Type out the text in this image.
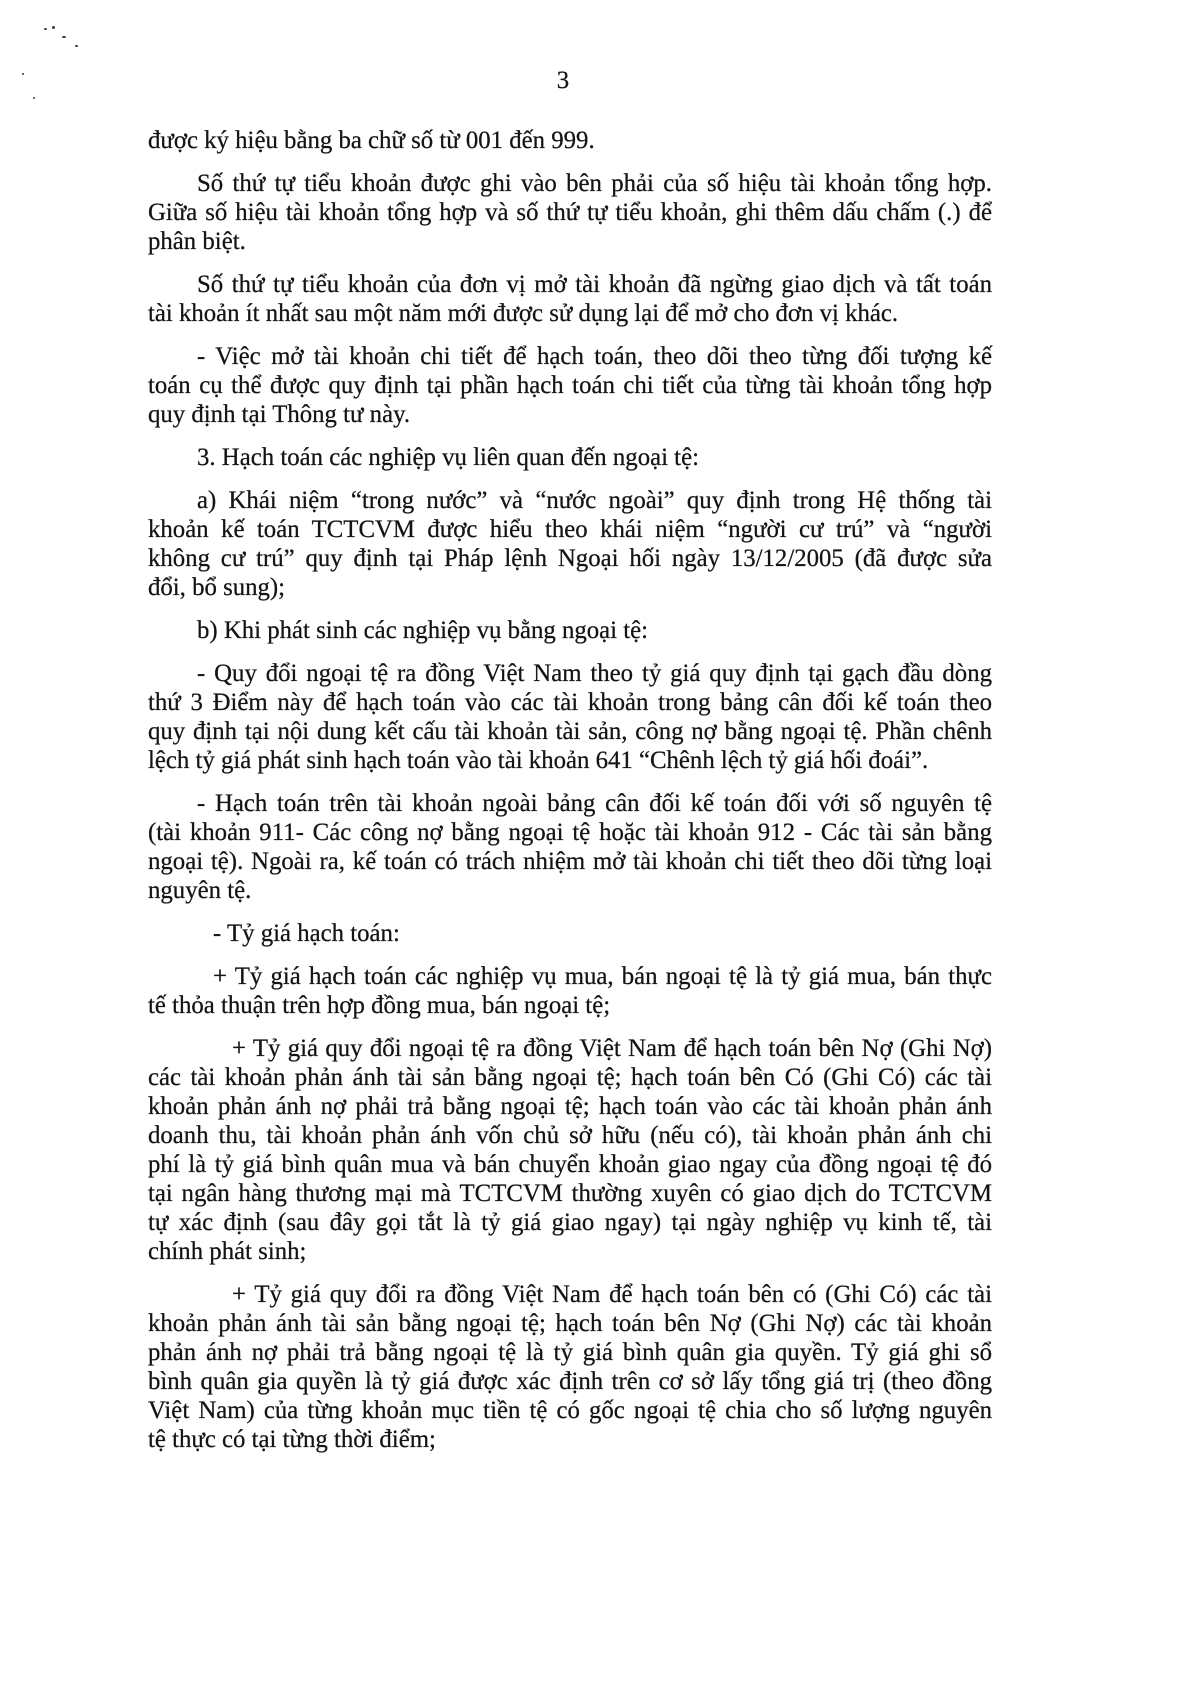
3
được ký hiệu bằng ba chữ số từ 001 đến 999.
Số thứ tự tiểu khoản được ghi vào bên phải của số hiệu tài khoản tổng hợp.
Giữa số hiệu tài khoản tổng hợp và số thứ tự tiểu khoản, ghi thêm dấu chấm (.) để
phân biệt.
Số thứ tự tiểu khoản của đơn vị mở tài khoản đã ngừng giao dịch và tất toán
tài khoản ít nhất sau một năm mới được sử dụng lại để mở cho đơn vị khác.
- Việc mở tài khoản chi tiết để hạch toán, theo dõi theo từng đối tượng kế
toán cụ thể được quy định tại phần hạch toán chi tiết của từng tài khoản tổng hợp
quy định tại Thông tư này.
3. Hạch toán các nghiệp vụ liên quan đến ngoại tệ:
a) Khái niệm “trong nước” và “nước ngoài” quy định trong Hệ thống tài
khoản kế toán TCTCVM được hiểu theo khái niệm “người cư trú” và “người
không cư trú” quy định tại Pháp lệnh Ngoại hối ngày 13/12/2005 (đã được sửa
đổi, bổ sung);
b) Khi phát sinh các nghiệp vụ bằng ngoại tệ:
- Quy đổi ngoại tệ ra đồng Việt Nam theo tỷ giá quy định tại gạch đầu dòng
thứ 3 Điểm này để hạch toán vào các tài khoản trong bảng cân đối kế toán theo
quy định tại nội dung kết cấu tài khoản tài sản, công nợ bằng ngoại tệ. Phần chênh
lệch tỷ giá phát sinh hạch toán vào tài khoản 641 “Chênh lệch tỷ giá hối đoái”.
- Hạch toán trên tài khoản ngoài bảng cân đối kế toán đối với số nguyên tệ
(tài khoản 911- Các công nợ bằng ngoại tệ hoặc tài khoản 912 - Các tài sản bằng
ngoại tệ). Ngoài ra, kế toán có trách nhiệm mở tài khoản chi tiết theo dõi từng loại
nguyên tệ.
- Tỷ giá hạch toán:
+ Tỷ giá hạch toán các nghiệp vụ mua, bán ngoại tệ là tỷ giá mua, bán thực
tế thỏa thuận trên hợp đồng mua, bán ngoại tệ;
+ Tỷ giá quy đổi ngoại tệ ra đồng Việt Nam để hạch toán bên Nợ (Ghi Nợ)
các tài khoản phản ánh tài sản bằng ngoại tệ; hạch toán bên Có (Ghi Có) các tài
khoản phản ánh nợ phải trả bằng ngoại tệ; hạch toán vào các tài khoản phản ánh
doanh thu, tài khoản phản ánh vốn chủ sở hữu (nếu có), tài khoản phản ánh chi
phí là tỷ giá bình quân mua và bán chuyển khoản giao ngay của đồng ngoại tệ đó
tại ngân hàng thương mại mà TCTCVM thường xuyên có giao dịch do TCTCVM
tự xác định (sau đây gọi tắt là tỷ giá giao ngay) tại ngày nghiệp vụ kinh tế, tài
chính phát sinh;
+ Tỷ giá quy đổi ra đồng Việt Nam để hạch toán bên có (Ghi Có) các tài
khoản phản ánh tài sản bằng ngoại tệ; hạch toán bên Nợ (Ghi Nợ) các tài khoản
phản ánh nợ phải trả bằng ngoại tệ là tỷ giá bình quân gia quyền. Tỷ giá ghi sổ
bình quân gia quyền là tỷ giá được xác định trên cơ sở lấy tổng giá trị (theo đồng
Việt Nam) của từng khoản mục tiền tệ có gốc ngoại tệ chia cho số lượng nguyên
tệ thực có tại từng thời điểm;
